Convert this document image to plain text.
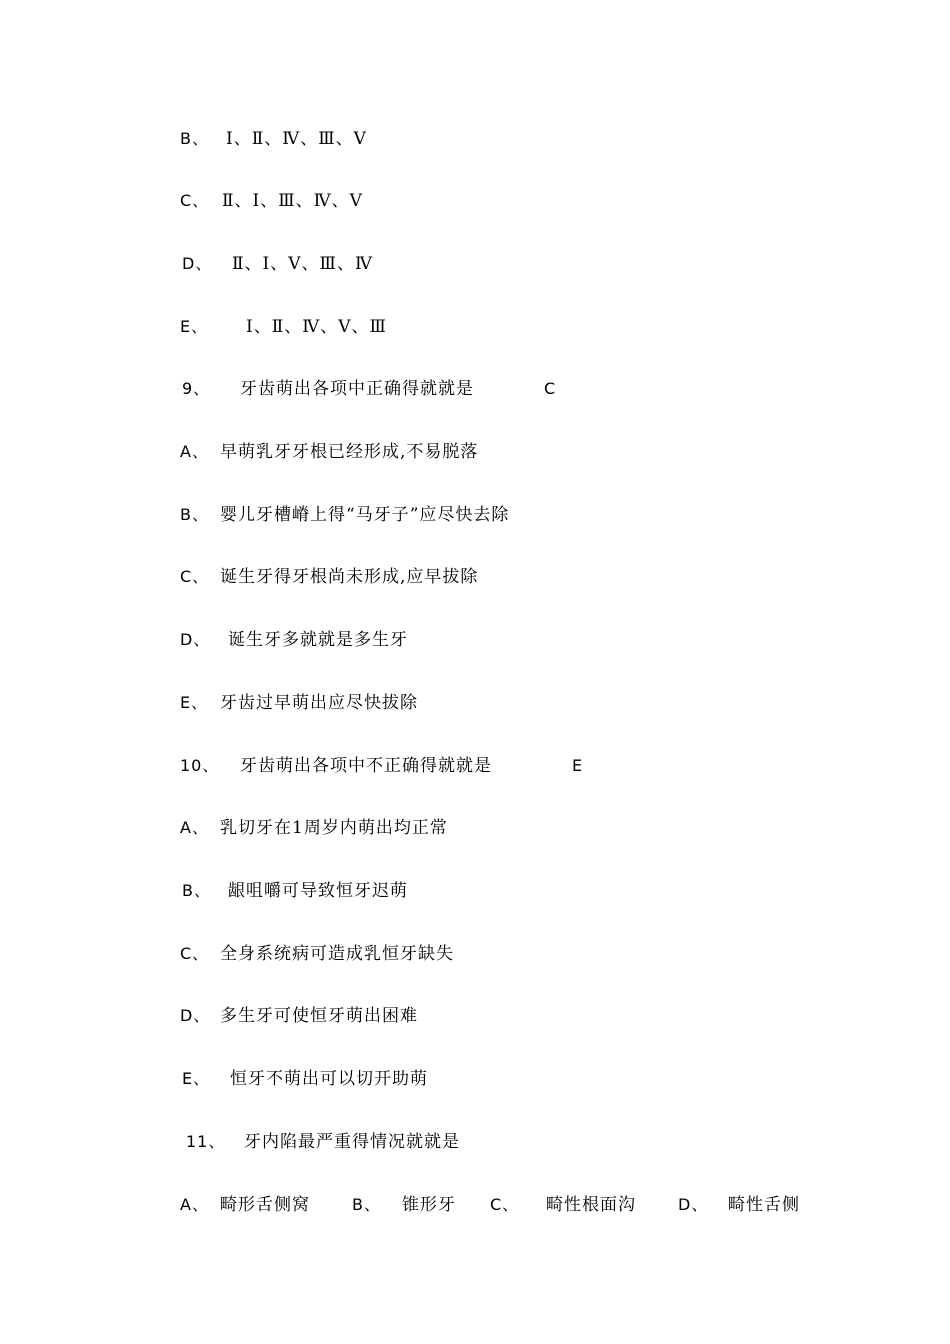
B、 Ⅰ、Ⅱ、Ⅳ、Ⅲ、Ⅴ
C、 Ⅱ、Ⅰ、Ⅲ、Ⅳ、Ⅴ
D、 Ⅱ、Ⅰ、Ⅴ、Ⅲ、Ⅳ
E、 Ⅰ、Ⅱ、Ⅳ、Ⅴ、Ⅲ
9、 牙齿萌出各项中正确得就就是	C
A、 早萌乳牙牙根已经形成,不易脱落
B、 婴儿牙槽嵴上得“马牙子”应尽快去除
C、 诞生牙得牙根尚未形成,应早拔除
D、 诞生牙多就就是多生牙
E、 牙齿过早萌出应尽快拔除
10、 牙齿萌出各项中不正确得就就是	E
A、 乳切牙在1周岁内萌出均正常
B、 龈咀嚼可导致恒牙迟萌
C、 全身系统病可造成乳恒牙缺失
D、 多生牙可使恒牙萌出困难
E、 恒牙不萌出可以切开助萌
11、 牙内陷最严重得情况就就是
A、 畸形舌侧窝	B、 锥形牙 C、 畸性根面沟	D、 畸性舌侧
